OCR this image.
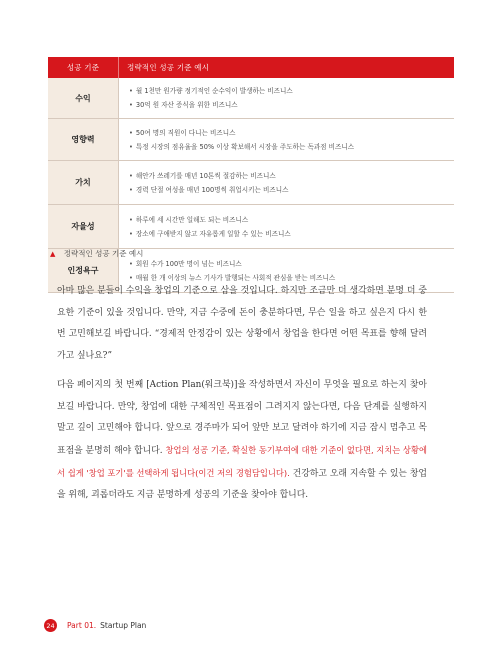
성공 기준	정략적인 성공 기준 예시
수익	• 월 1천만 원가량 정기적인 순수익이 발생하는 비즈니스
• 30억 원 자산 증식을 위한 비즈니스

영향력	• 50여 명의 직원이 다니는 비즈니스
• 특정 시장의 점유율을 50% 이상 확보해서 시장을 주도하는 독과점 비즈니스

가치	• 해안가 쓰레기를 매년 10톤씩 절감하는 비즈니스
• 경력 단절 여성을 매년 100명씩 취업시키는 비즈니스

자율성	• 하루에 세 시간만 일해도 되는 비즈니스
• 장소에 구애받지 않고 자유롭게 일할 수 있는 비즈니스

인정욕구	• 회원 수가 100만 명이 넘는 비즈니스
• 매월 한 개 이상의 뉴스 기사가 발행되는 사회적 관심을 받는 비즈니스
▲ 정략적인 성공 기준 예시

아마 많은 분들이 수익을 창업의 기준으로 삼을 것입니다. 하지만 조금만 더 생각하면 분명 더 중요한 기준이 있을 것입니다. 만약, 지금 수중에 돈이 충분하다면, 무슨 일을 하고 싶은지 다시 한번 고민해보길 바랍니다. “경제적 안정감이 있는 상황에서 창업을 한다면 어떤 목표를 향해 달려가고 싶나요?”

다음 페이지의 첫 번째 [Action Plan(워크북)]을 작성하면서 자신이 무엇을 필요로 하는지 찾아보길 바랍니다. 만약, 창업에 대한 구체적인 목표점이 그려지지 않는다면, 다음 단계를 실행하지 말고 깊이 고민해야 합니다. 앞으로 경주마가 되어 앞만 보고 달려야 하기에 지금 잠시 멈추고 목표점을 분명히 해야 합니다. 창업의 성공 기준, 확실한 동기부여에 대한 기준이 없다면, 지치는 상황에서 쉽게 '창업 포기'를 선택하게 됩니다(이건 저의 경험담입니다). 건강하고 오래 지속할 수 있는 창업을 위해, 괴롭더라도 지금 분명하게 성공의 기준을 찾아야 합니다.

24	Part 01. Startup Plan
